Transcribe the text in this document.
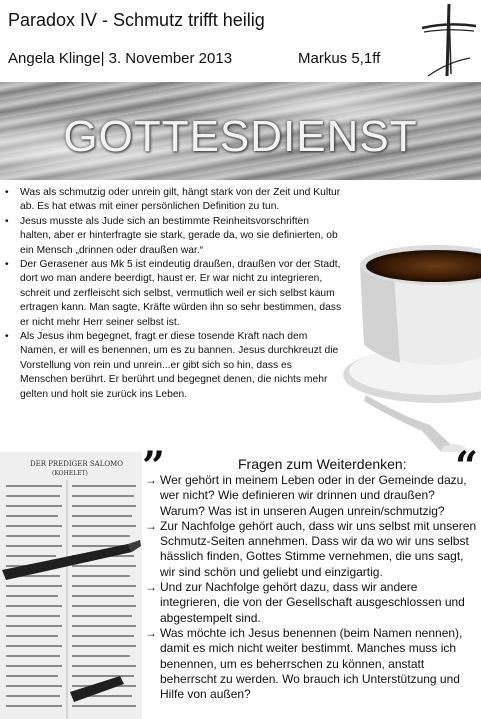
Paradox IV - Schmutz trifft heilig
Angela Klinge| 3. November 2013	Markus 5,1ff
GOTTESDIENST
• Was als schmutzig oder unrein gilt, hängt stark von der Zeit und Kultur ab. Es hat etwas mit einer persönlichen Definition zu tun.
• Jesus musste als Jude sich an bestimmte Reinheitsvorschriften halten, aber er hinterfragte sie stark, gerade da, wo sie definierten, ob ein Mensch „drinnen oder draußen war.“
• Der Gerasener aus Mk 5 ist eindeutig draußen, draußen vor der Stadt, dort wo man andere beerdigt, haust er. Er war nicht zu integrieren, schreit und zerfleischt sich selbst, vermutlich weil er sich selbst kaum ertragen kann. Man sagte, Kräfte würden ihn so sehr bestimmen, dass er nicht mehr Herr seiner selbst ist.
• Als Jesus ihm begegnet, fragt er diese tosende Kraft nach dem Namen, er will es benennen, um es zu bannen. Jesus durchkreuzt die Vorstellung von rein und unrein...er gibt sich so hin, dass es Menschen berührt. Er berührt und begegnet denen, die nichts mehr gelten und holt sie zurück ins Leben.
DER PREDIGER SALOMO
(KOHELET) ”	“
Fragen zum Weiterdenken:
→ Wer gehört in meinem Leben oder in der Gemeinde dazu, wer nicht? Wie definieren wir drinnen und draußen? Warum? Was ist in unseren Augen unrein/schmutzig?
→ Zur Nachfolge gehört auch, dass wir uns selbst mit unseren Schmutz-Seiten annehmen. Dass wir da wo wir uns selbst hässlich finden, Gottes Stimme vernehmen, die uns sagt, wir sind schön und geliebt und einzigartig.
→ Und zur Nachfolge gehört dazu, dass wir andere integrieren, die von der Gesellschaft ausgeschlossen und abgestempelt sind.
→ Was möchte ich Jesus benennen (beim Namen nennen), damit es mich nicht weiter bestimmt. Manches muss ich benennen, um es beherrschen zu können, anstatt beherrscht zu werden. Wo brauch ich Unterstützung und Hilfe von außen?
